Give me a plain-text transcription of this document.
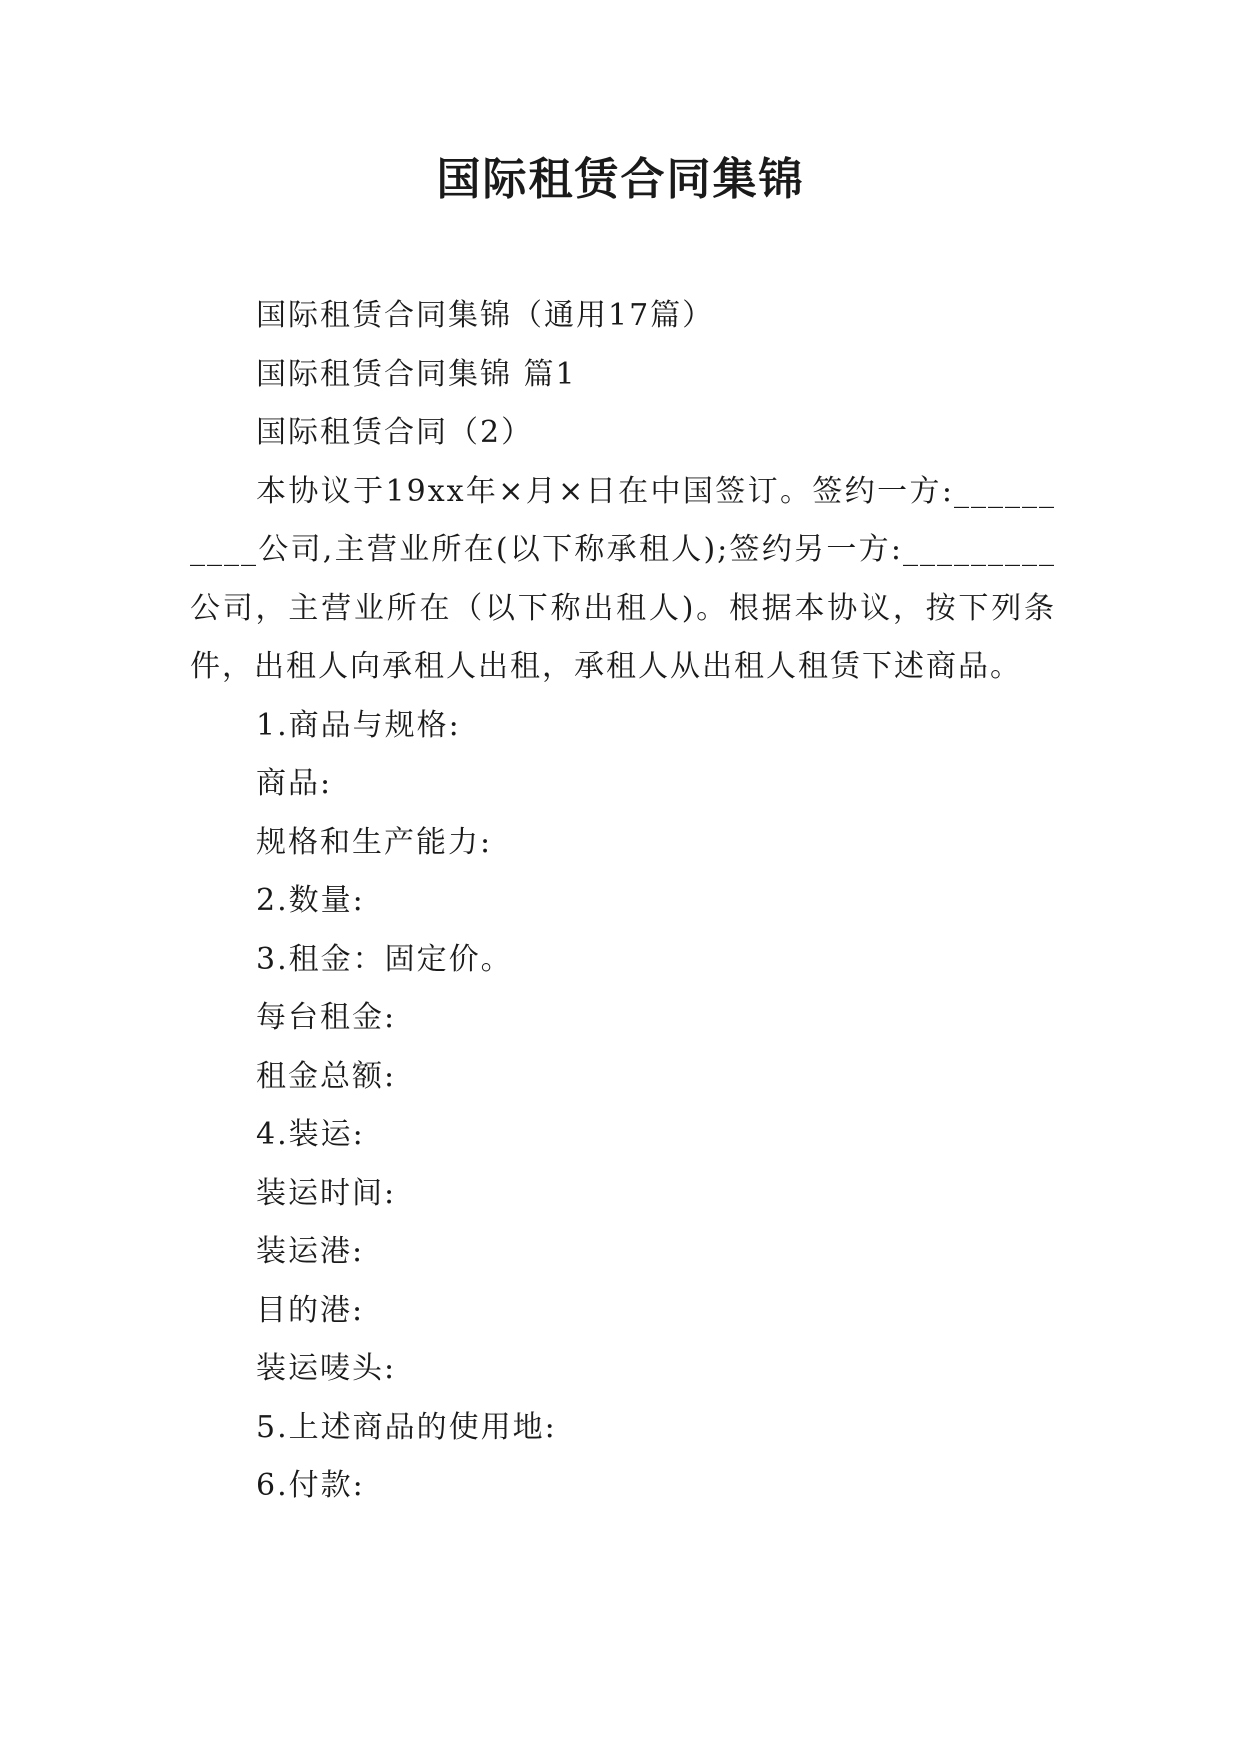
国际租赁合同集锦

国际租赁合同集锦（通用17篇）

国际租赁合同集锦 篇1

国际租赁合同（2）

本协议于19xx年×月×日在中国签订。签约一方:__________公司,主营业所在(以下称承租人);签约另一方:_________公司，主营业所在（以下称出租人)。根据本协议，按下列条件，出租人向承租人出租，承租人从出租人租赁下述商品。

1.商品与规格:

商品:

规格和生产能力:

2.数量:

3.租金：固定价。

每台租金:

租金总额:

4.装运:

装运时间:

装运港:

目的港:

装运唛头:

5.上述商品的使用地:

6.付款:
